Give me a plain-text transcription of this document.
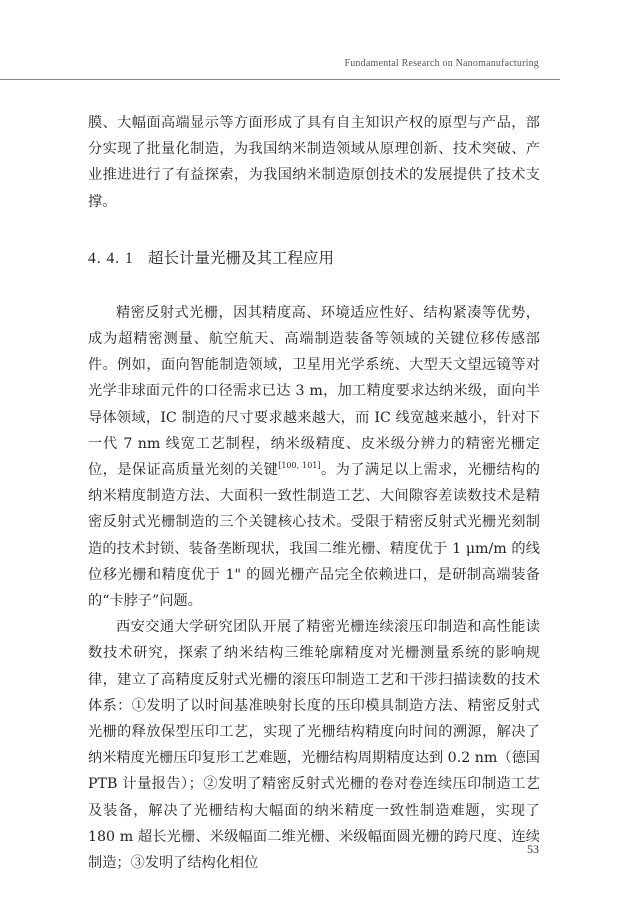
Fundamental Research on Nanomanufacturing

膜、大幅面高端显示等方面形成了具有自主知识产权的原型与产品，部分实现了批量化制造，为我国纳米制造领域从原理创新、技术突破、产业推进进行了有益探索，为我国纳米制造原创技术的发展提供了技术支撑。

4. 4. 1 超长计量光栅及其工程应用

精密反射式光栅，因其精度高、环境适应性好、结构紧凑等优势，成为超精密测量、航空航天、高端制造装备等领域的关键位移传感部件。例如，面向智能制造领域，卫星用光学系统、大型天文望远镜等对光学非球面元件的口径需求已达 3 m，加工精度要求达纳米级，面向半导体领域，IC 制造的尺寸要求越来越大，而 IC 线宽越来越小，针对下一代 7 nm 线宽工艺制程，纳米级精度、皮米级分辨力的精密光栅定位，是保证高质量光刻的关键[100, 101]。为了满足以上需求，光栅结构的纳米精度制造方法、大面积一致性制造工艺、大间隙容差读数技术是精密反射式光栅制造的三个关键核心技术。受限于精密反射式光栅光刻制造的技术封锁、装备垄断现状，我国二维光栅、精度优于 1 μm/m 的线位移光栅和精度优于 1" 的圆光栅产品完全依赖进口，是研制高端装备的“卡脖子”问题。

西安交通大学研究团队开展了精密光栅连续滚压印制造和高性能读数技术研究，探索了纳米结构三维轮廓精度对光栅测量系统的影响规律，建立了高精度反射式光栅的滚压印制造工艺和干涉扫描读数的技术体系：①发明了以时间基准映射长度的压印模具制造方法、精密反射式光栅的释放保型压印工艺，实现了光栅结构精度向时间的溯源，解决了纳米精度光栅压印复形工艺难题，光栅结构周期精度达到 0.2 nm（德国 PTB 计量报告）；②发明了精密反射式光栅的卷对卷连续压印制造工艺及装备，解决了光栅结构大幅面的纳米精度一致性制造难题，实现了 180 m 超长光栅、米级幅面二维光栅、米级幅面圆光栅的跨尺度、连续制造；③发明了结构化相位

53
